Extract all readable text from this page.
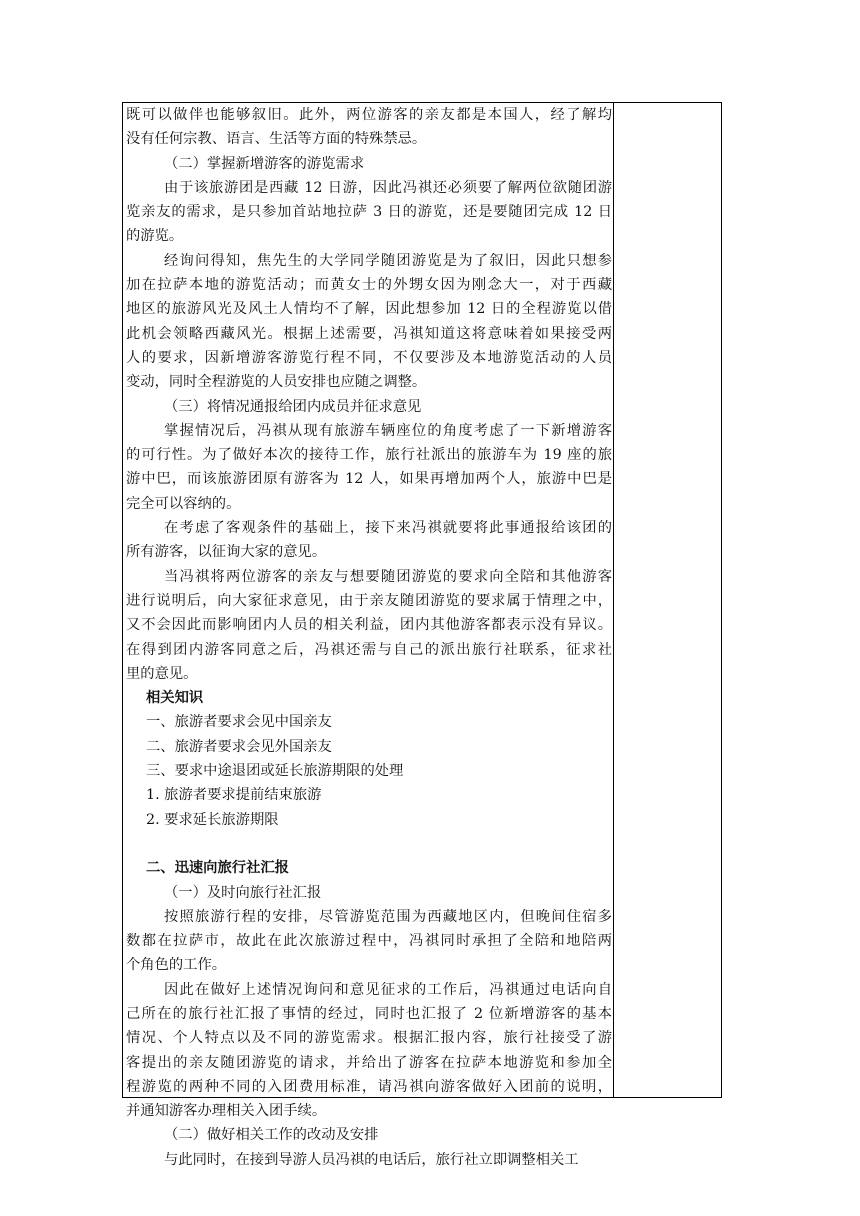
既可以做伴也能够叙旧。此外，两位游客的亲友都是本国人，经了解均
没有任何宗教、语言、生活等方面的特殊禁忌。
（二）掌握新增游客的游览需求
由于该旅游团是西藏 12 日游，因此冯祺还必须要了解两位欲随团游
览亲友的需求，是只参加首站地拉萨 3 日的游览，还是要随团完成 12 日
的游览。
经询问得知，焦先生的大学同学随团游览是为了叙旧，因此只想参
加在拉萨本地的游览活动；而黄女士的外甥女因为刚念大一，对于西藏
地区的旅游风光及风土人情均不了解，因此想参加 12 日的全程游览以借
此机会领略西藏风光。根据上述需要，冯祺知道这将意味着如果接受两
人的要求，因新增游客游览行程不同，不仅要涉及本地游览活动的人员
变动，同时全程游览的人员安排也应随之调整。
（三）将情况通报给团内成员并征求意见
掌握情况后，冯祺从现有旅游车辆座位的角度考虑了一下新增游客
的可行性。为了做好本次的接待工作，旅行社派出的旅游车为 19 座的旅
游中巴，而该旅游团原有游客为 12 人，如果再增加两个人，旅游中巴是
完全可以容纳的。
在考虑了客观条件的基础上，接下来冯祺就要将此事通报给该团的
所有游客，以征询大家的意见。
当冯祺将两位游客的亲友与想要随团游览的要求向全陪和其他游客
进行说明后，向大家征求意见，由于亲友随团游览的要求属于情理之中，
又不会因此而影响团内人员的相关利益，团内其他游客都表示没有异议。
在得到团内游客同意之后，冯祺还需与自己的派出旅行社联系，征求社
里的意见。
相关知识
一、旅游者要求会见中国亲友
二、旅游者要求会见外国亲友
三、要求中途退团或延长旅游期限的处理
1. 旅游者要求提前结束旅游
2. 要求延长旅游期限
二、迅速向旅行社汇报
（一）及时向旅行社汇报
按照旅游行程的安排，尽管游览范围为西藏地区内，但晚间住宿多
数都在拉萨市，故此在此次旅游过程中，冯祺同时承担了全陪和地陪两
个角色的工作。
因此在做好上述情况询问和意见征求的工作后，冯祺通过电话向自
己所在的旅行社汇报了事情的经过，同时也汇报了 2 位新增游客的基本
情况、个人特点以及不同的游览需求。根据汇报内容，旅行社接受了游
客提出的亲友随团游览的请求，并给出了游客在拉萨本地游览和参加全
程游览的两种不同的入团费用标准，请冯祺向游客做好入团前的说明，
并通知游客办理相关入团手续。
（二）做好相关工作的改动及安排
与此同时，在接到导游人员冯祺的电话后，旅行社立即调整相关工
